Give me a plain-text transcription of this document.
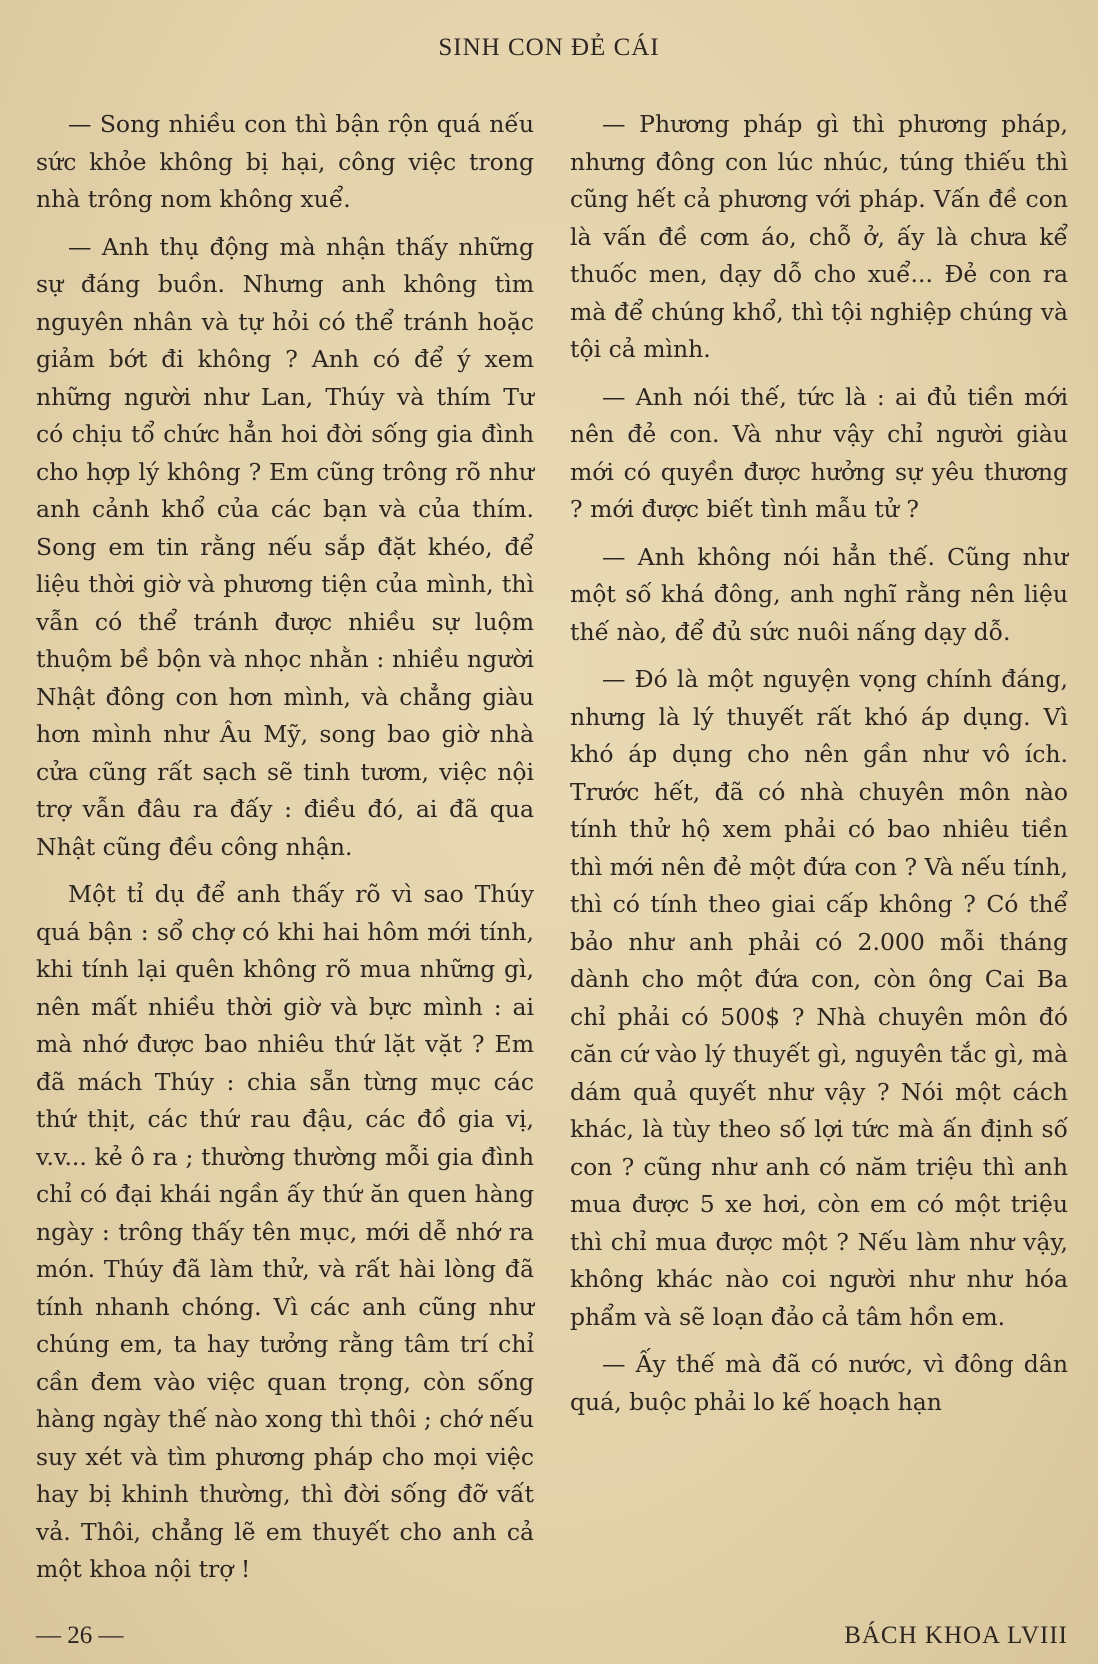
SINH CON ĐẺ CÁI

— Song nhiều con thì bận rộn quá nếu sức khỏe không bị hại, công việc trong nhà trông nom không xuể.

— Anh thụ động mà nhận thấy những sự đáng buồn. Nhưng anh không tìm nguyên nhân và tự hỏi có thể tránh hoặc giảm bớt đi không ? Anh có để ý xem những người như Lan, Thúy và thím Tư có chịu tổ chức hẳn hoi đời sống gia đình cho hợp lý không ? Em cũng trông rõ như anh cảnh khổ của các bạn và của thím. Song em tin rằng nếu sắp đặt khéo, để liệu thời giờ và phương tiện của mình, thì vẫn có thể tránh được nhiều sự luộm thuộm bề bộn và nhọc nhằn : nhiều người Nhật đông con hơn mình, và chẳng giàu hơn mình như Âu Mỹ, song bao giờ nhà cửa cũng rất sạch sẽ tinh tươm, việc nội trợ vẫn đâu ra đấy : điều đó, ai đã qua Nhật cũng đều công nhận.

Một tỉ dụ để anh thấy rõ vì sao Thúy quá bận : sổ chợ có khi hai hôm mới tính, khi tính lại quên không rõ mua những gì, nên mất nhiều thời giờ và bực mình : ai mà nhớ được bao nhiêu thứ lặt vặt ? Em đã mách Thúy : chia sẵn từng mục các thứ thịt, các thứ rau đậu, các đồ gia vị, v.v... kẻ ô ra ; thường thường mỗi gia đình chỉ có đại khái ngần ấy thứ ăn quen hàng ngày : trông thấy tên mục, mới dễ nhớ ra món. Thúy đã làm thử, và rất hài lòng đã tính nhanh chóng. Vì các anh cũng như chúng em, ta hay tưởng rằng tâm trí chỉ cần đem vào việc quan trọng, còn sống hàng ngày thế nào xong thì thôi ; chớ nếu suy xét và tìm phương pháp cho mọi việc hay bị khinh thường, thì đời sống đỡ vất vả. Thôi, chẳng lẽ em thuyết cho anh cả một khoa nội trợ !

— Phương pháp gì thì phương pháp, nhưng đông con lúc nhúc, túng thiếu thì cũng hết cả phương với pháp. Vấn đề con là vấn đề cơm áo, chỗ ở, ấy là chưa kể thuốc men, dạy dỗ cho xuể... Đẻ con ra mà để chúng khổ, thì tội nghiệp chúng và tội cả mình.

— Anh nói thế, tức là : ai đủ tiền mới nên đẻ con. Và như vậy chỉ người giàu mới có quyền được hưởng sự yêu thương ? mới được biết tình mẫu tử ?

— Anh không nói hẳn thế. Cũng như một số khá đông, anh nghĩ rằng nên liệu thế nào, để đủ sức nuôi nấng dạy dỗ.

— Đó là một nguyện vọng chính đáng, nhưng là lý thuyết rất khó áp dụng. Vì khó áp dụng cho nên gần như vô ích. Trước hết, đã có nhà chuyên môn nào tính thử hộ xem phải có bao nhiêu tiền thì mới nên đẻ một đứa con ? Và nếu tính, thì có tính theo giai cấp không ? Có thể bảo như anh phải có 2.000 mỗi tháng dành cho một đứa con, còn ông Cai Ba chỉ phải có 500$ ? Nhà chuyên môn đó căn cứ vào lý thuyết gì, nguyên tắc gì, mà dám quả quyết như vậy ? Nói một cách khác, là tùy theo số lợi tức mà ấn định số con ? cũng như anh có năm triệu thì anh mua được 5 xe hơi, còn em có một triệu thì chỉ mua được một ? Nếu làm như vậy, không khác nào coi người như như hóa phẩm và sẽ loạn đảo cả tâm hồn em.

— Ấy thế mà đã có nước, vì đông dân quá, buộc phải lo kế hoạch hạn

— 26 —	BÁCH KHOA LVIII
